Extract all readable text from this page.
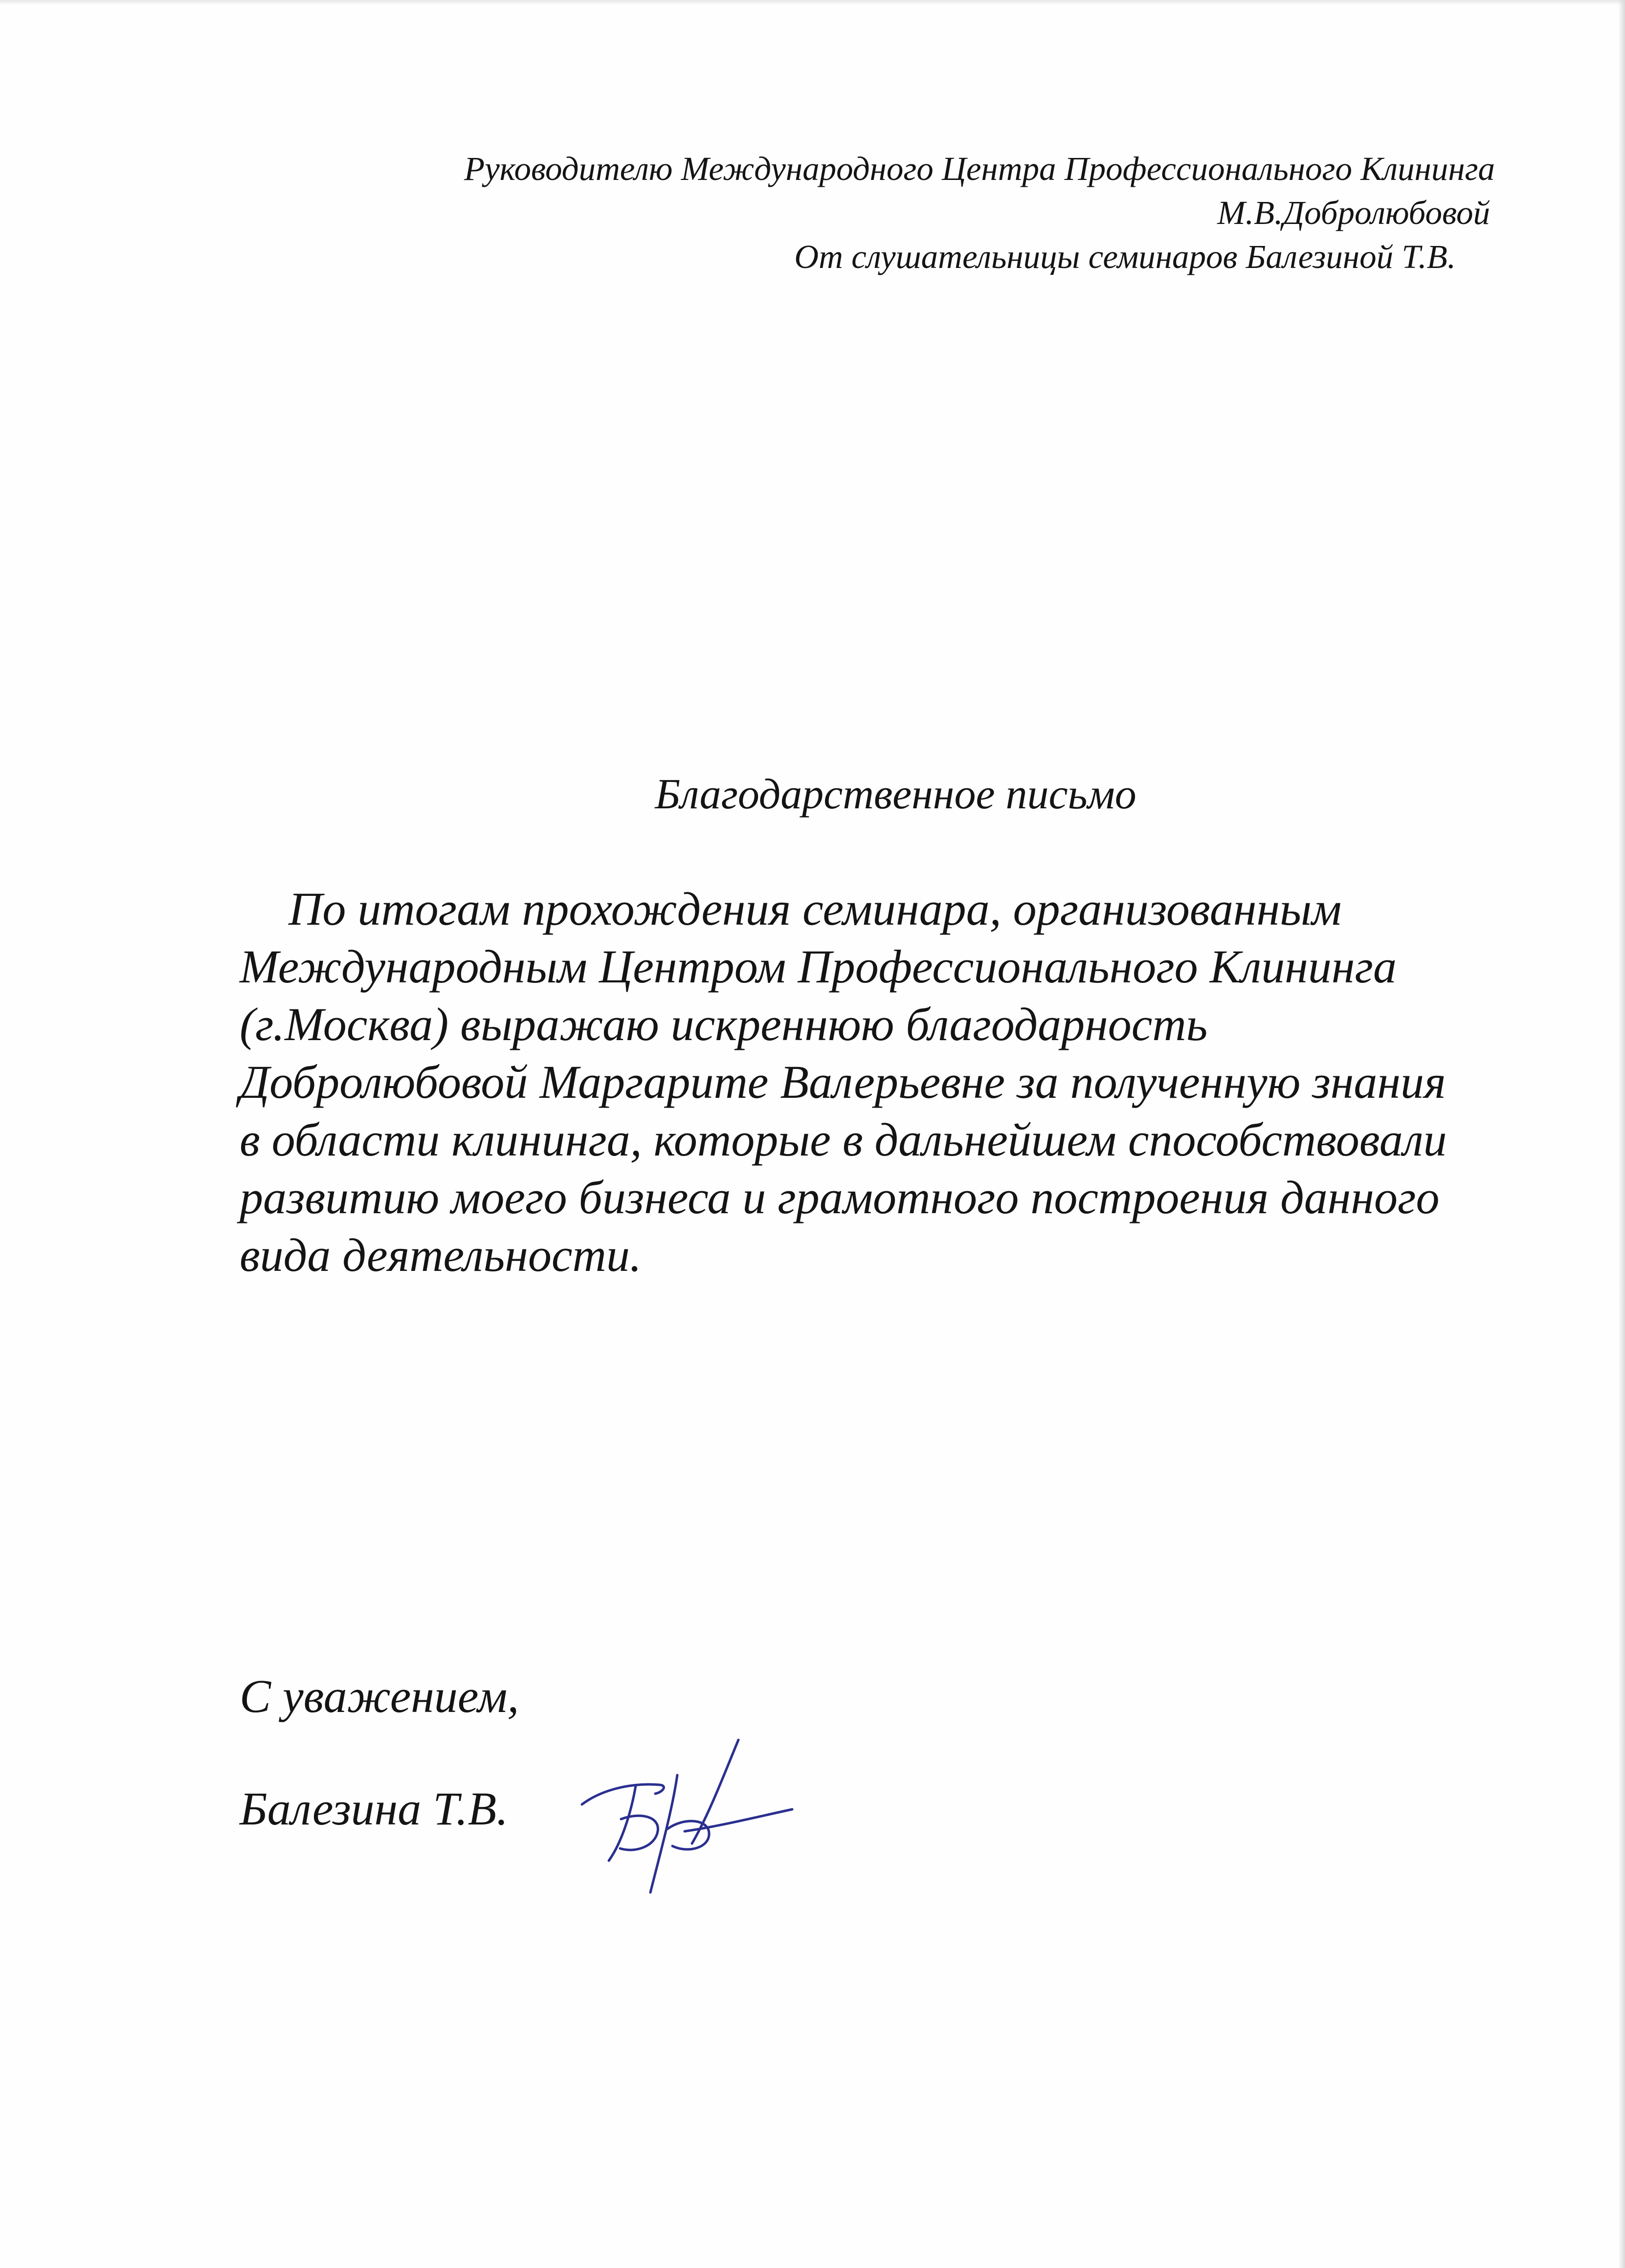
Руководителю Международного Центра Профессионального Клининга
М.В.Добролюбовой
От слушательницы семинаров Балезиной Т.В.
Благодарственное письмо
По итогам прохождения семинара, организованным
Международным Центром Профессионального Клининга
(г.Москва) выражаю искреннюю благодарность
Добролюбовой Маргарите Валерьевне за полученную знания
в области клининга, которые в дальнейшем способствовали
развитию моего бизнеса и грамотного построения данного
вида деятельности.
С уважением,
Балезина Т.В.
